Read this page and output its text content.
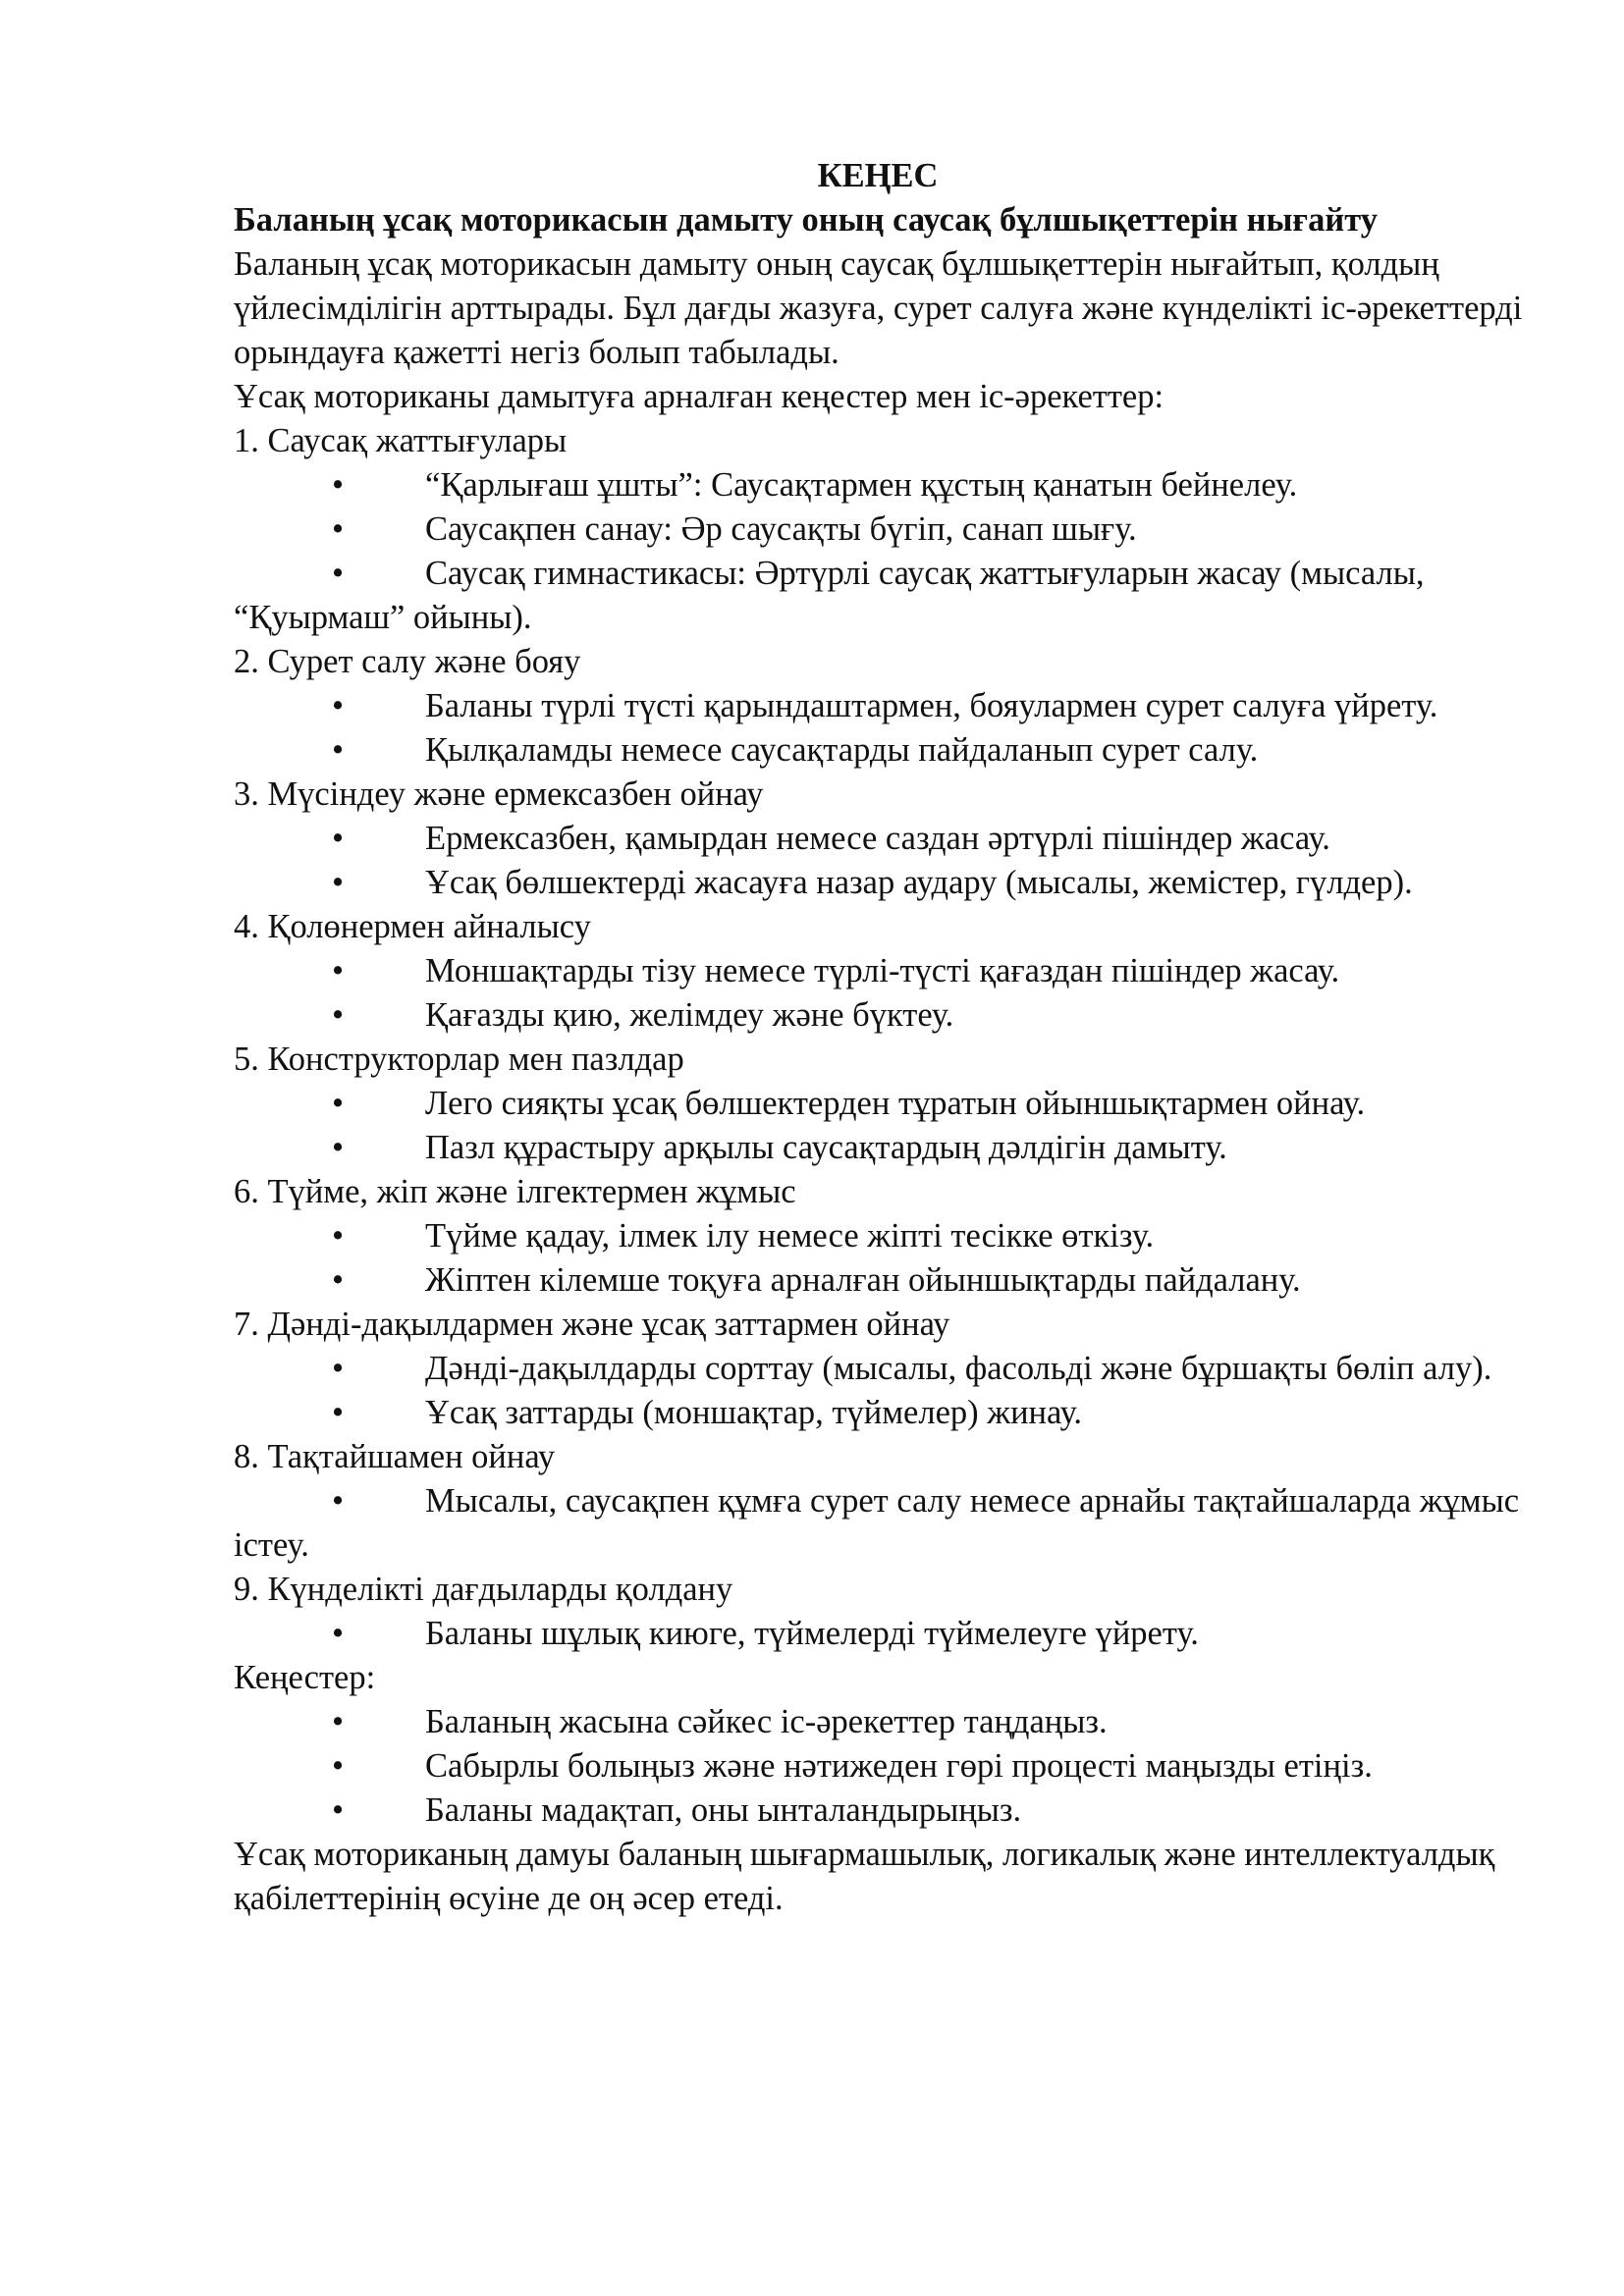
КЕҢЕС
Баланың ұсақ моторикасын дамыту оның саусақ бұлшықеттерін нығайту
Баланың ұсақ моторикасын дамыту оның саусақ бұлшықеттерін нығайтып, қолдың үйлесімділігін арттырады. Бұл дағды жазуға, сурет салуға және күнделікті іс-әрекеттерді орындауға қажетті негіз болып табылады.
Ұсақ моториканы дамытуға арналған кеңестер мен іс-әрекеттер:
1. Саусақ жаттығулары
• “Қарлығаш ұшты”: Саусақтармен құстың қанатын бейнелеу.
• Саусақпен санау: Әр саусақты бүгіп, санап шығу.
• Саусақ гимнастикасы: Әртүрлі саусақ жаттығуларын жасау (мысалы, “Қуырмаш” ойыны).
2. Сурет салу және бояу
• Баланы түрлі түсті қарындаштармен, бояулармен сурет салуға үйрету.
• Қылқаламды немесе саусақтарды пайдаланып сурет салу.
3. Мүсіндеу және ермексазбен ойнау
• Ермексазбен, қамырдан немесе саздан әртүрлі пішіндер жасау.
• Ұсақ бөлшектерді жасауға назар аудару (мысалы, жемістер, гүлдер).
4. Қолөнермен айналысу
• Моншақтарды тізу немесе түрлі-түсті қағаздан пішіндер жасау.
• Қағазды қию, желімдеу және бүктеу.
5. Конструкторлар мен пазлдар
• Лего сияқты ұсақ бөлшектерден тұратын ойыншықтармен ойнау.
• Пазл құрастыру арқылы саусақтардың дәлдігін дамыту.
6. Түйме, жіп және ілгектермен жұмыс
• Түйме қадау, ілмек ілу немесе жіпті тесікке өткізу.
• Жіптен кілемше тоқуға арналған ойыншықтарды пайдалану.
7. Дәнді-дақылдармен және ұсақ заттармен ойнау
• Дәнді-дақылдарды сорттау (мысалы, фасольді және бұршақты бөліп алу).
• Ұсақ заттарды (моншақтар, түймелер) жинау.
8. Тақтайшамен ойнау
• Мысалы, саусақпен құмға сурет салу немесе арнайы тақтайшаларда жұмыс істеу.
9. Күнделікті дағдыларды қолдану
• Баланы шұлық киюге, түймелерді түймелеуге үйрету.
Кеңестер:
• Баланың жасына сәйкес іс-әрекеттер таңдаңыз.
• Сабырлы болыңыз және нәтижеден гөрі процесті маңызды етіңіз.
• Баланы мадақтап, оны ынталандырыңыз.
Ұсақ моториканың дамуы баланың шығармашылық, логикалық және интеллектуалдық қабілеттерінің өсуіне де оң әсер етеді.
